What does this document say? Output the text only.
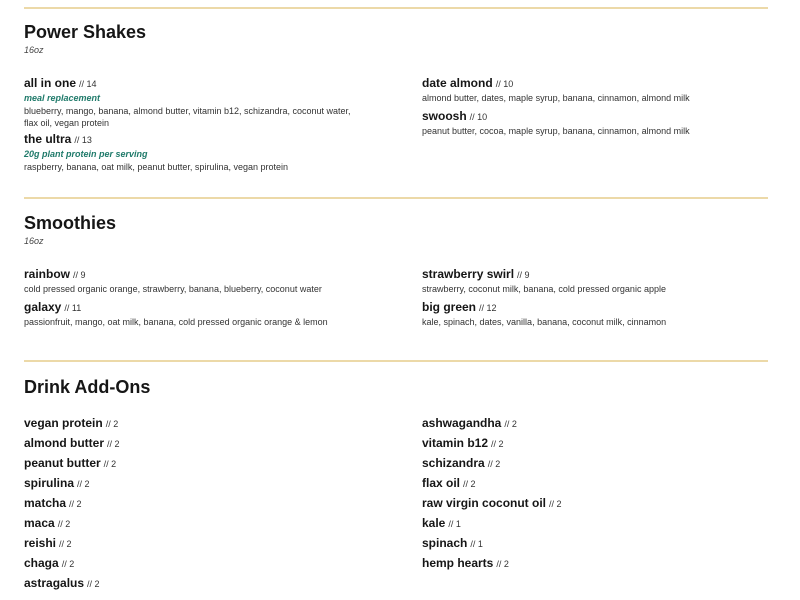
Power Shakes
16oz
all in one // 14
meal replacement
blueberry, mango, banana, almond butter, vitamin b12, schizandra, coconut water, flax oil, vegan protein
the ultra // 13
20g plant protein per serving
raspberry, banana, oat milk, peanut butter, spirulina, vegan protein
date almond // 10
almond butter, dates, maple syrup, banana, cinnamon, almond milk
swoosh // 10
peanut butter, cocoa, maple syrup, banana, cinnamon, almond milk
Smoothies
16oz
rainbow // 9
cold pressed organic orange, strawberry, banana, blueberry, coconut water
galaxy // 11
passionfruit, mango, oat milk, banana, cold pressed organic orange & lemon
strawberry swirl // 9
strawberry, coconut milk, banana, cold pressed organic apple
big green // 12
kale, spinach, dates, vanilla, banana, coconut milk, cinnamon
Drink Add-Ons
vegan protein // 2
almond butter // 2
peanut butter // 2
spirulina // 2
matcha // 2
maca // 2
reishi // 2
chaga // 2
astragalus // 2
ashwagandha // 2
vitamin b12 // 2
schizandra // 2
flax oil // 2
raw virgin coconut oil // 2
kale // 1
spinach // 1
hemp hearts // 2
